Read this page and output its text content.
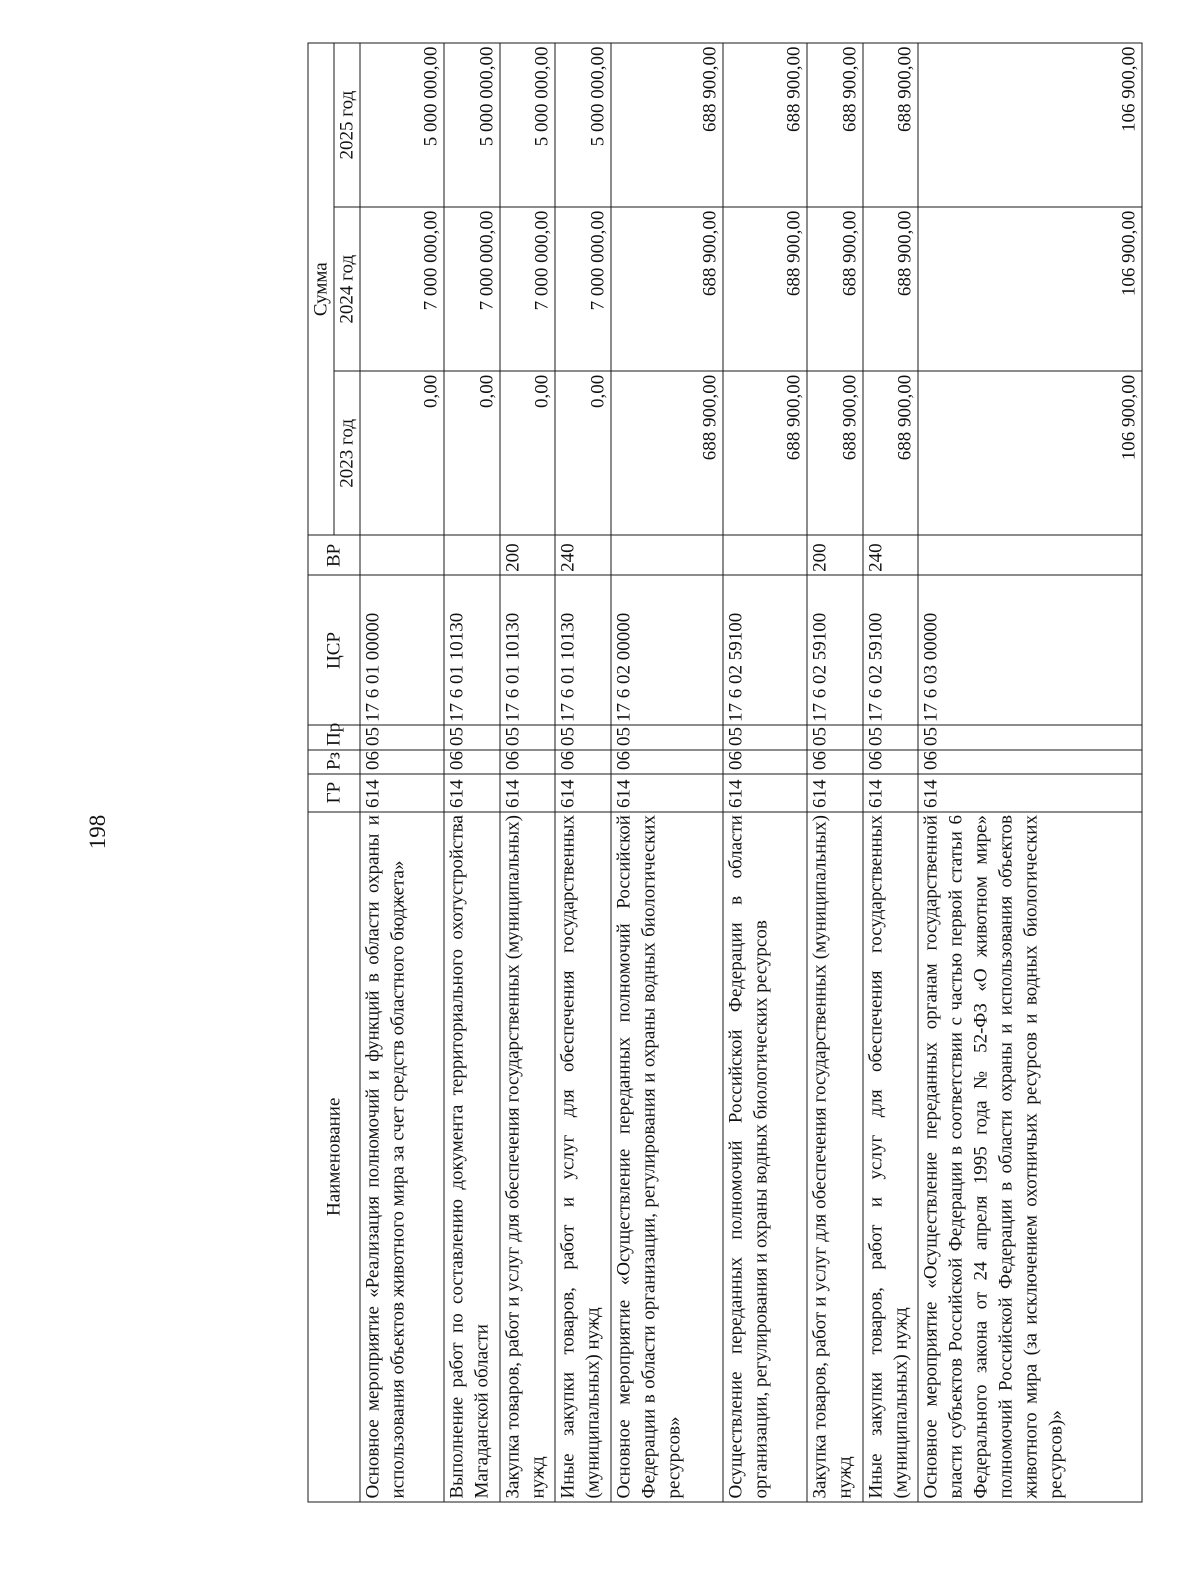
198
Наименование	ГР	Рз	Пр	ЦСР	ВР	Сумма		
						2023 год	2024 год	2025 год
Основное мероприятие «Реализация полномочий и функций в области охраны и использования объектов животного мира за счет средств областного бюджета»	614	06	05	17 6 01 00000		0,00	7 000 000,00	5 000 000,00
Выполнение работ по составлению документа территориального охотустройства Магаданской области	614	06	05	17 6 01 10130		0,00	7 000 000,00	5 000 000,00
Закупка товаров, работ и услуг для обеспечения государственных (муниципальных) нужд	614	06	05	17 6 01 10130	200	0,00	7 000 000,00	5 000 000,00
Иные закупки товаров, работ и услуг для обеспечения государственных (муниципальных) нужд	614	06	05	17 6 01 10130	240	0,00	7 000 000,00	5 000 000,00
Основное мероприятие «Осуществление переданных полномочий Российской Федерации в области организации, регулирования и охраны водных биологических ресурсов»	614	06	05	17 6 02 00000		688 900,00	688 900,00	688 900,00
Осуществление переданных полномочий Российской Федерации в области организации, регулирования и охраны водных биологических ресурсов	614	06	05	17 6 02 59100		688 900,00	688 900,00	688 900,00
Закупка товаров, работ и услуг для обеспечения государственных (муниципальных) нужд	614	06	05	17 6 02 59100	200	688 900,00	688 900,00	688 900,00
Иные закупки товаров, работ и услуг для обеспечения государственных (муниципальных) нужд	614	06	05	17 6 02 59100	240	688 900,00	688 900,00	688 900,00
Основное мероприятие «Осуществление переданных органам государственной власти субъектов Российской Федерации в соответствии с частью первой статьи 6 Федерального закона от 24 апреля 1995 года № 52-ФЗ «О животном мире» полномочий Российской Федерации в области охраны и использования объектов животного мира (за исключением охотничьих ресурсов и водных биологических ресурсов)»	614	06	05	17 6 03 00000		106 900,00	106 900,00	106 900,00
